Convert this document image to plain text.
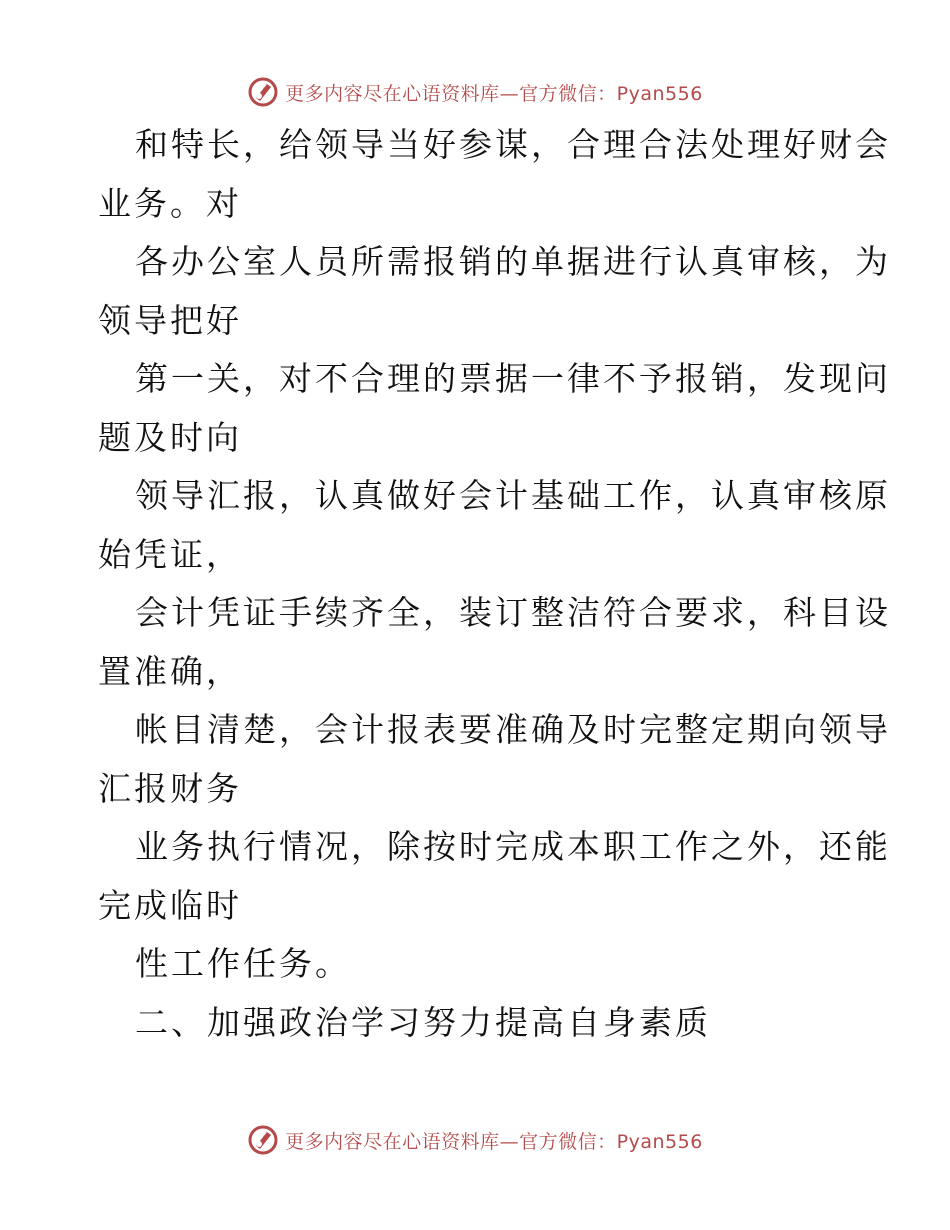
更多内容尽在心语资料库—官方微信：Pyan556
和特长，给领导当好参谋，合理合法处理好财会
业务。对
各办公室人员所需报销的单据进行认真审核，为
领导把好
第一关，对不合理的票据一律不予报销，发现问
题及时向
领导汇报，认真做好会计基础工作，认真审核原
始凭证，
会计凭证手续齐全，装订整洁符合要求，科目设
置准确，
帐目清楚，会计报表要准确及时完整定期向领导
汇报财务
业务执行情况，除按时完成本职工作之外，还能
完成临时
性工作任务。
二、加强政治学习努力提高自身素质
更多内容尽在心语资料库—官方微信：Pyan556
